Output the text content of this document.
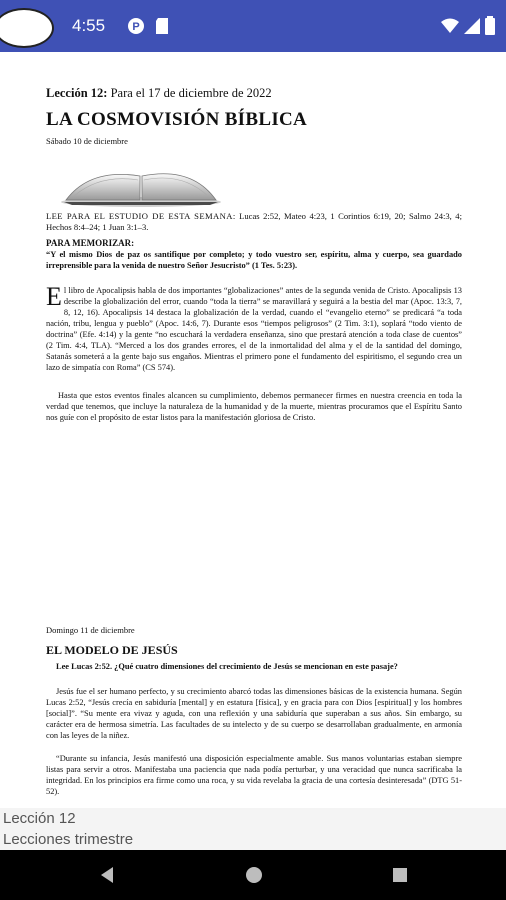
4:55 P

Lección 12: Para el 17 de diciembre de 2022

LA COSMOVISIÓN BÍBLICA

Sábado 10 de diciembre

LEE PARA EL ESTUDIO DE ESTA SEMANA: Lucas 2:52, Mateo 4:23, 1 Corintios 6:19, 20; Salmo 24:3, 4; Hechos 8:4–24; 1 Juan 3:1–3.

PARA MEMORIZAR:

“Y el mismo Dios de paz os santifique por completo; y todo vuestro ser, espíritu, alma y cuerpo, sea guardado irreprensible para la venida de nuestro Señor Jesucristo” (1 Tes. 5:23).

El libro de Apocalipsis habla de dos importantes “globalizaciones” antes de la segunda venida de Cristo. Apocalipsis 13 describe la globalización del error, cuando “toda la tierra” se maravillará y seguirá a la bestia del mar (Apoc. 13:3, 7, 8, 12, 16). Apocalipsis 14 destaca la globalización de la verdad, cuando el “evangelio eterno” se predicará “a toda nación, tribu, lengua y pueblo” (Apoc. 14:6, 7). Durante esos “tiempos peligrosos” (2 Tim. 3:1), soplará “todo viento de doctrina” (Efe. 4:14) y la gente “no escuchará la verdadera enseñanza, sino que prestará atención a toda clase de cuentos” (2 Tim. 4:4, TLA). “Merced a los dos grandes errores, el de la inmortalidad del alma y el de la santidad del domingo, Satanás someterá a la gente bajo sus engaños. Mientras el primero pone el fundamento del espiritismo, el segundo crea un lazo de simpatía con Roma” (CS 574).

Hasta que estos eventos finales alcancen su cumplimiento, debemos permanecer firmes en nuestra creencia en toda la verdad que tenemos, que incluye la naturaleza de la humanidad y de la muerte, mientras procuramos que el Espíritu Santo nos guíe con el propósito de estar listos para la manifestación gloriosa de Cristo.

Domingo 11 de diciembre

EL MODELO DE JESÚS

Lee Lucas 2:52. ¿Qué cuatro dimensiones del crecimiento de Jesús se mencionan en este pasaje?

Jesús fue el ser humano perfecto, y su crecimiento abarcó todas las dimensiones básicas de la existencia humana. Según Lucas 2:52, “Jesús crecía en sabiduría [mental] y en estatura [física], y en gracia para con Dios [espiritual] y los hombres [social]”. “Su mente era vivaz y aguda, con una reflexión y una sabiduría que superaban a sus años. Sin embargo, su carácter era de hermosa simetría. Las facultades de su intelecto y de su cuerpo se desarrollaban gradualmente, en armonía con las leyes de la niñez.

“Durante su infancia, Jesús manifestó una disposición especialmente amable. Sus manos voluntarias estaban siempre listas para servir a otros. Manifestaba una paciencia que nada podía perturbar, y una veracidad que nunca sacrificaba la integridad. En los principios era firme como una roca, y su vida revelaba la gracia de una cortesía desinteresada” (DTG 51-52).

Lección 12
Lecciones trimestre
